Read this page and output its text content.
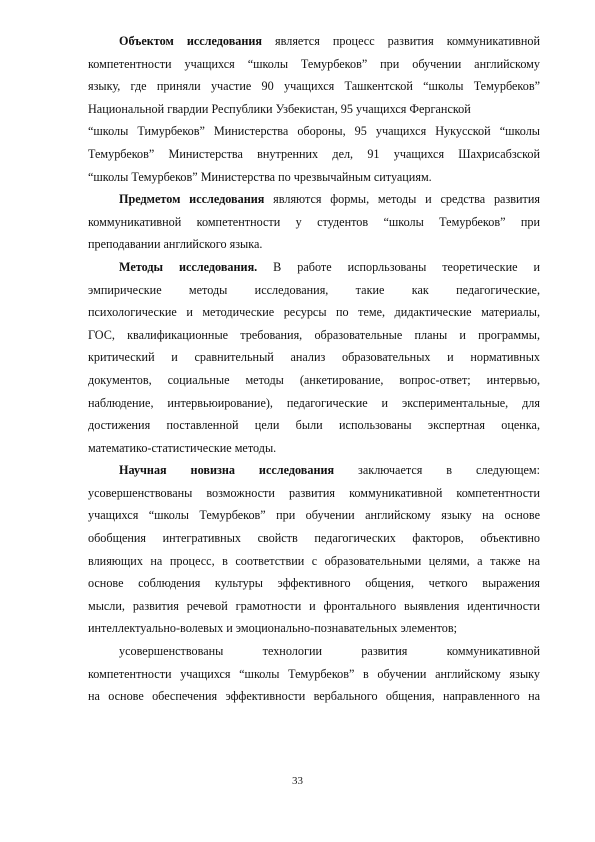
Объектом исследования является процесс развития коммуникативной
компетентности учащихся “школы Темурбеков” при обучении английскому
языку, где приняли участие 90 учащихся Ташкентской “школы Темурбеков”
Национальной гвардии Республики Узбекистан, 95 учащихся Ферганской
“школы Тимурбеков” Министерства обороны, 95 учащихся Нукусской “школы
Темурбеков” Министерства внутренних дел, 91 учащихся Шахрисабзской
“школы Темурбеков” Министерства по чрезвычайным ситуациям.
Предметом исследования являются формы, методы и средства развития
коммуникативной компетентности у студентов “школы Темурбеков” при
преподавании английского языка.
Методы исследования. В работе испорльзованы теоретические и
эмпирические методы исследования, такие как педагогические,
психологические и методические ресурсы по теме, дидактические материалы,
ГОС, квалификационные требования, образовательные планы и программы,
критический и сравнительный анализ образовательных и нормативных
документов, социальные методы (анкетирование, вопрос-ответ; интервью,
наблюдение, интервьюирование), педагогические и экспериментальные, для
достижения поставленной цели были использованы экспертная оценка,
математико-статистические методы.
Научная новизна исследования заключается в следующем:
усовершенствованы возможности развития коммуникативной компетентности
учащихся “школы Темурбеков” при обучении английскому языку на основе
обобщения интегративных свойств педагогических факторов, объективно
влияющих на процесс, в соответствии с образовательными целями, а также на
основе соблюдения культуры эффективного общения, четкого выражения
мысли, развития речевой грамотности и фронтального выявления идентичности
интеллектуально-волевых и эмоционально-познавательных элементов;
усовершенствованы технологии развития коммуникативной
компетентности учащихся “школы Темурбеков” в обучении английскому языку
на основе обеспечения эффективности вербального общения, направленного на
33
